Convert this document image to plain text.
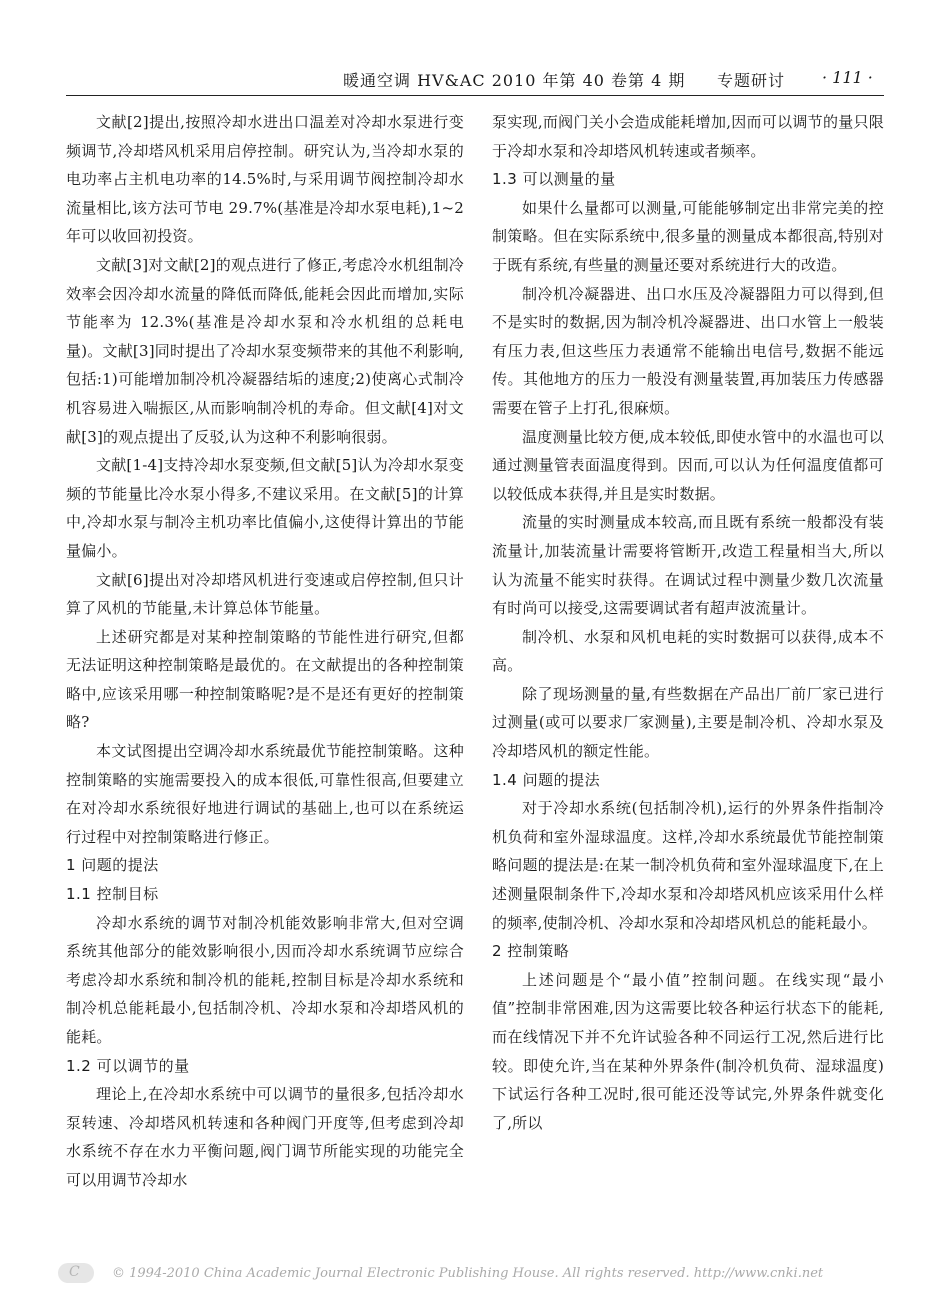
暖通空调 HV&AC 2010 年第 40 卷第 4 期 专题研讨 · 111 ·

文献[2]提出,按照冷却水进出口温差对冷却水泵进行变频调节,冷却塔风机采用启停控制。研究认为,当冷却水泵的电功率占主机电功率的14.5%时,与采用调节阀控制冷却水流量相比,该方法可节电 29.7%(基准是冷却水泵电耗),1~2年可以收回初投资。

文献[3]对文献[2]的观点进行了修正,考虑冷水机组制冷效率会因冷却水流量的降低而降低,能耗会因此而增加,实际节能率为 12.3%(基准是冷却水泵和冷水机组的总耗电量)。文献[3]同时提出了冷却水泵变频带来的其他不利影响,包括:1)可能增加制冷机冷凝器结垢的速度;2)使离心式制冷机容易进入喘振区,从而影响制冷机的寿命。但文献[4]对文献[3]的观点提出了反驳,认为这种不利影响很弱。

文献[1-4]支持冷却水泵变频,但文献[5]认为冷却水泵变频的节能量比冷水泵小得多,不建议采用。在文献[5]的计算中,冷却水泵与制冷主机功率比值偏小,这使得计算出的节能量偏小。

文献[6]提出对冷却塔风机进行变速或启停控制,但只计算了风机的节能量,未计算总体节能量。

上述研究都是对某种控制策略的节能性进行研究,但都无法证明这种控制策略是最优的。在文献提出的各种控制策略中,应该采用哪一种控制策略呢?是不是还有更好的控制策略?

本文试图提出空调冷却水系统最优节能控制策略。这种控制策略的实施需要投入的成本很低,可靠性很高,但要建立在对冷却水系统很好地进行调试的基础上,也可以在系统运行过程中对控制策略进行修正。

1 问题的提法

1.1 控制目标

冷却水系统的调节对制冷机能效影响非常大,但对空调系统其他部分的能效影响很小,因而冷却水系统调节应综合考虑冷却水系统和制冷机的能耗,控制目标是冷却水系统和制冷机总能耗最小,包括制冷机、冷却水泵和冷却塔风机的能耗。

1.2 可以调节的量

理论上,在冷却水系统中可以调节的量很多,包括冷却水泵转速、冷却塔风机转速和各种阀门开度等,但考虑到冷却水系统不存在水力平衡问题,阀门调节所能实现的功能完全可以用调节冷却水

泵实现,而阀门关小会造成能耗增加,因而可以调节的量只限于冷却水泵和冷却塔风机转速或者频率。

1.3 可以测量的量

如果什么量都可以测量,可能能够制定出非常完美的控制策略。但在实际系统中,很多量的测量成本都很高,特别对于既有系统,有些量的测量还要对系统进行大的改造。

制冷机冷凝器进、出口水压及冷凝器阻力可以得到,但不是实时的数据,因为制冷机冷凝器进、出口水管上一般装有压力表,但这些压力表通常不能输出电信号,数据不能远传。其他地方的压力一般没有测量装置,再加装压力传感器需要在管子上打孔,很麻烦。

温度测量比较方便,成本较低,即使水管中的水温也可以通过测量管表面温度得到。因而,可以认为任何温度值都可以较低成本获得,并且是实时数据。

流量的实时测量成本较高,而且既有系统一般都没有装流量计,加装流量计需要将管断开,改造工程量相当大,所以认为流量不能实时获得。在调试过程中测量少数几次流量有时尚可以接受,这需要调试者有超声波流量计。

制冷机、水泵和风机电耗的实时数据可以获得,成本不高。

除了现场测量的量,有些数据在产品出厂前厂家已进行过测量(或可以要求厂家测量),主要是制冷机、冷却水泵及冷却塔风机的额定性能。

1.4 问题的提法

对于冷却水系统(包括制冷机),运行的外界条件指制冷机负荷和室外湿球温度。这样,冷却水系统最优节能控制策略问题的提法是:在某一制冷机负荷和室外湿球温度下,在上述测量限制条件下,冷却水泵和冷却塔风机应该采用什么样的频率,使制冷机、冷却水泵和冷却塔风机总的能耗最小。

2 控制策略

上述问题是个“最小值”控制问题。在线实现“最小值”控制非常困难,因为这需要比较各种运行状态下的能耗,而在线情况下并不允许试验各种不同运行工况,然后进行比较。即使允许,当在某种外界条件(制冷机负荷、湿球温度)下试运行各种工况时,很可能还没等试完,外界条件就变化了,所以

C © 1994-2010 China Academic Journal Electronic Publishing House. All rights reserved. http://www.cnki.net
